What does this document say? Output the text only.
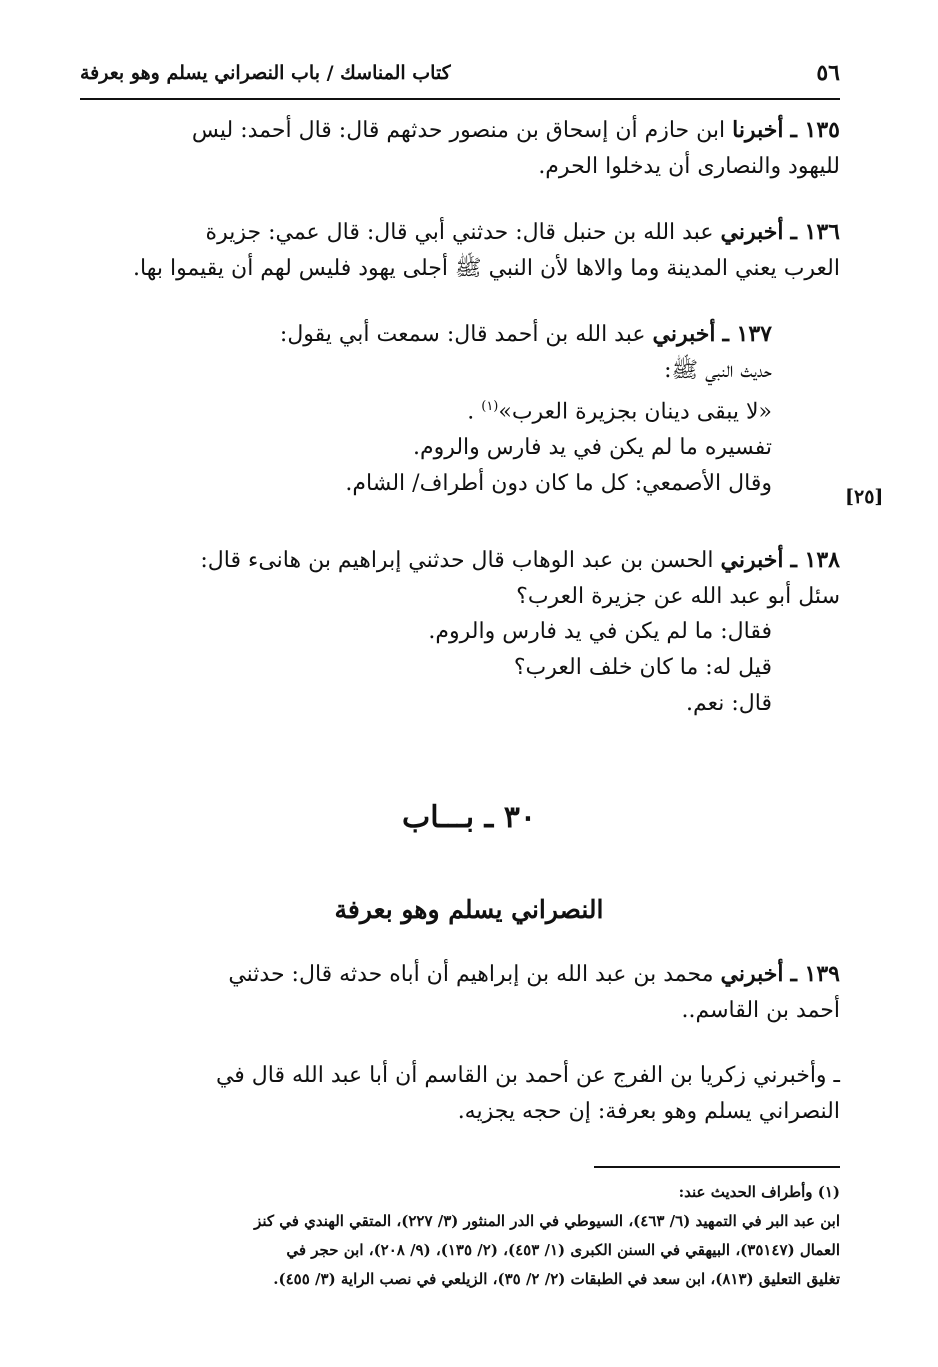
٥٦
كتاب المناسك / باب النصراني يسلم وهو بعرفة
١٣٥ ـ أخبرنا ابن حازم أن إسحاق بن منصور حدثهم قال: قال أحمد: ليس
لليهود والنصارى أن يدخلوا الحرم.
١٣٦ ـ أخبرني عبد الله بن حنبل قال: حدثني أبي قال: قال عمي: جزيرة
العرب يعني المدينة وما والاها لأن النبي ﷺ أجلى يهود فليس لهم أن يقيموا بها.
١٣٧ ـ أخبرني عبد الله بن أحمد قال: سمعت أبي يقول:
حديث النبي ﷺ:
«لا يبقى دينان بجزيرة العرب»$^{(١)}$ .
تفسيره ما لم يكن في يد فارس والروم.
وقال الأصمعي: كل ما كان دون أطراف/ الشام.
[٢٥]
١٣٨ ـ أخبرني الحسن بن عبد الوهاب قال حدثني إبراهيم بن هانىء قال:
سئل أبو عبد الله عن جزيرة العرب؟
فقال: ما لم يكن في يد فارس والروم.
قيل له: ما كان خلف العرب؟
قال: نعم.
٣٠ ـ بـــاب
النصراني يسلم وهو بعرفة
١٣٩ ـ أخبرني محمد بن عبد الله بن إبراهيم أن أباه حدثه قال: حدثني
أحمد بن القاسم..
ـ وأخبرني زكريا بن الفرج عن أحمد بن القاسم أن أبا عبد الله قال في
النصراني يسلم وهو بعرفة: إن حجه يجزيه.
(١) وأطراف الحديث عند:
ابن عبد البر في التمهيد (٦/ ٤٦٣)، السيوطي في الدر المنثور (٣/ ٢٢٧)، المتقي الهندي في كنز
العمال (٣٥١٤٧)، البيهقي في السنن الكبرى (١/ ٤٥٣)، (٢/ ١٣٥)، (٩/ ٢٠٨)، ابن حجر في
تغليق التعليق (٨١٣)، ابن سعد في الطبقات (٢/ ٢/ ٣٥)، الزيلعي في نصب الراية (٣/ ٤٥٥).
